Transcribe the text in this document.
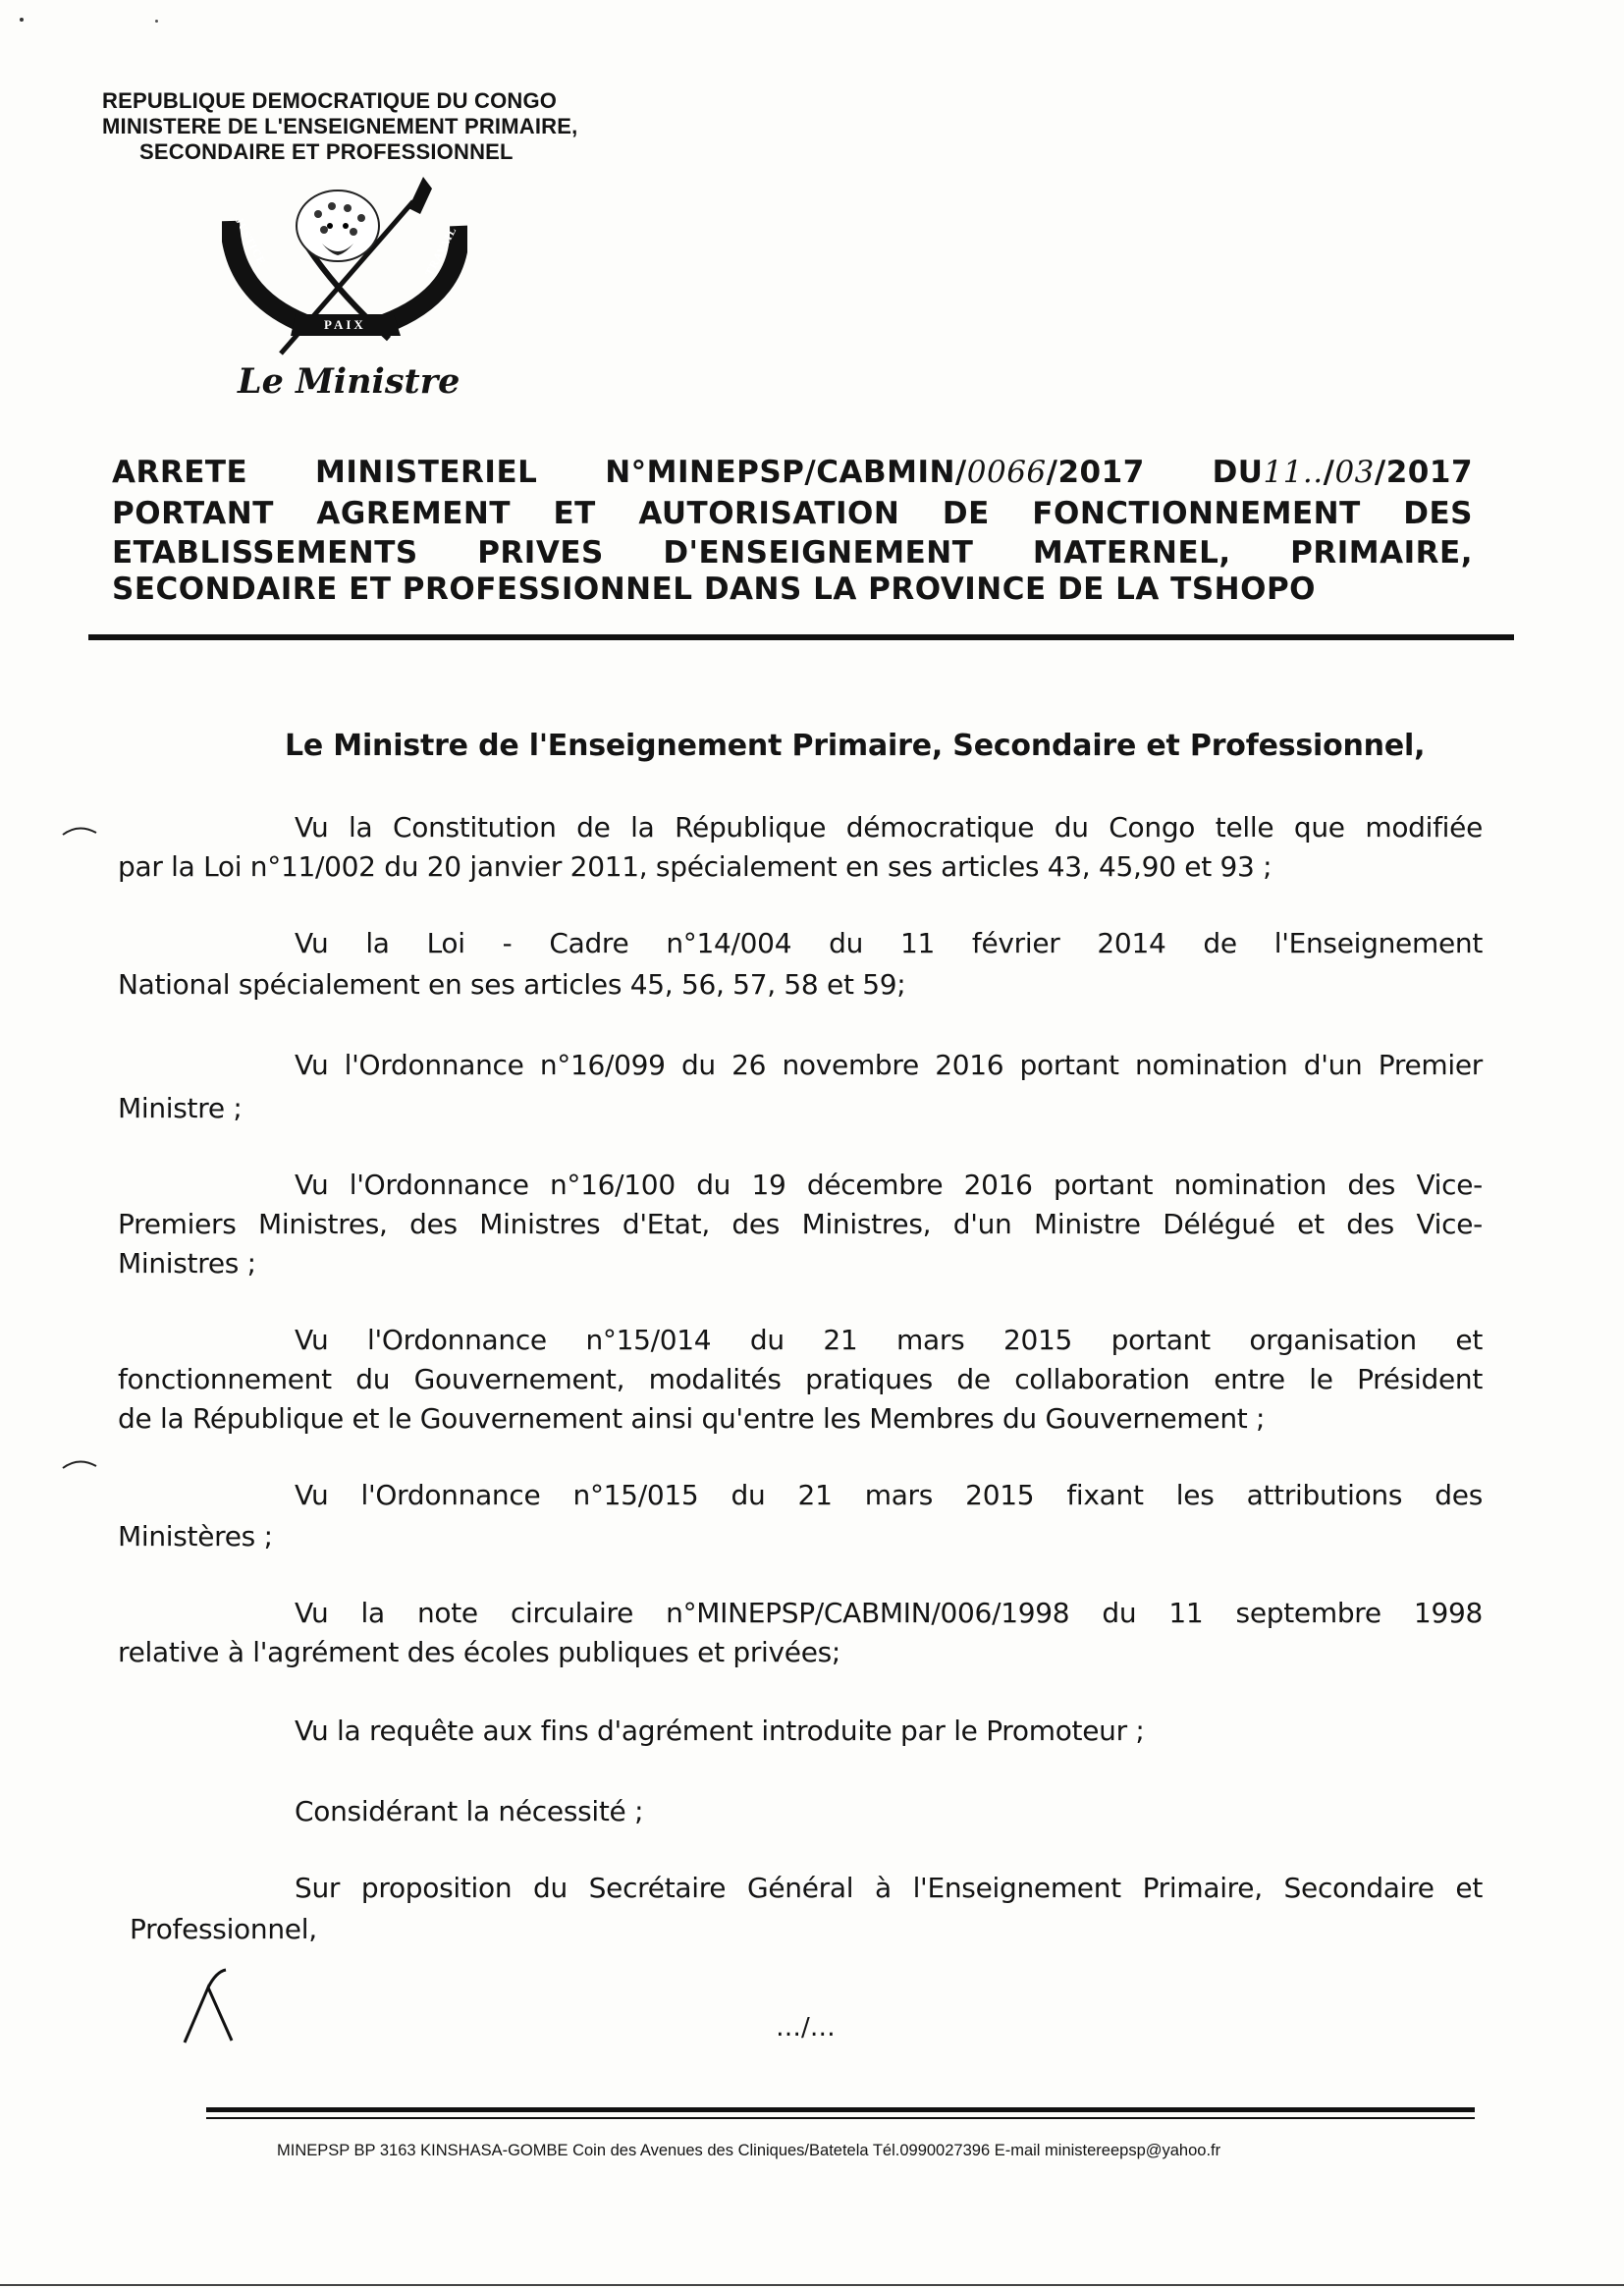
REPUBLIQUE DEMOCRATIQUE DU CONGO
MINISTERE DE L'ENSEIGNEMENT PRIMAIRE,
SECONDAIRE ET PROFESSIONNEL
JUSTICE	TRAVAIL
PAIX
Le Ministre
ARRETE MINISTERIEL N°MINEPSP/CABMIN/0066/2017 DU11../03/2017
PORTANT AGREMENT ET AUTORISATION DE FONCTIONNEMENT DES
ETABLISSEMENTS PRIVES D'ENSEIGNEMENT MATERNEL, PRIMAIRE,
SECONDAIRE ET PROFESSIONNEL DANS LA PROVINCE DE LA TSHOPO
Le Ministre de l'Enseignement Primaire, Secondaire et Professionnel,
Vu la Constitution de la République démocratique du Congo telle que modifiée
par la Loi n°11/002 du 20 janvier 2011, spécialement en ses articles 43, 45,90 et 93 ;
Vu la Loi - Cadre n°14/004 du 11 février 2014 de l'Enseignement
National spécialement en ses articles 45, 56, 57, 58 et 59;
Vu l'Ordonnance n°16/099 du 26 novembre 2016 portant nomination d'un Premier
Ministre ;
Vu l'Ordonnance n°16/100 du 19 décembre 2016 portant nomination des Vice-
Premiers Ministres, des Ministres d'Etat, des Ministres, d'un Ministre Délégué et des Vice-
Ministres ;
Vu l'Ordonnance n°15/014 du 21 mars 2015 portant organisation et
fonctionnement du Gouvernement, modalités pratiques de collaboration entre le Président
de la République et le Gouvernement ainsi qu'entre les Membres du Gouvernement ;
Vu l'Ordonnance n°15/015 du 21 mars 2015 fixant les attributions des
Ministères ;
Vu la note circulaire n°MINEPSP/CABMIN/006/1998 du 11 septembre 1998
relative à l'agrément des écoles publiques et privées;
Vu la requête aux fins d'agrément introduite par le Promoteur ;
Considérant la nécessité ;
Sur proposition du Secrétaire Général à l'Enseignement Primaire, Secondaire et
Professionnel,
…/…
MINEPSP BP 3163 KINSHASA-GOMBE Coin des Avenues des Cliniques/Batetela Tél.0990027396 E-mail ministereepsp@yahoo.fr
